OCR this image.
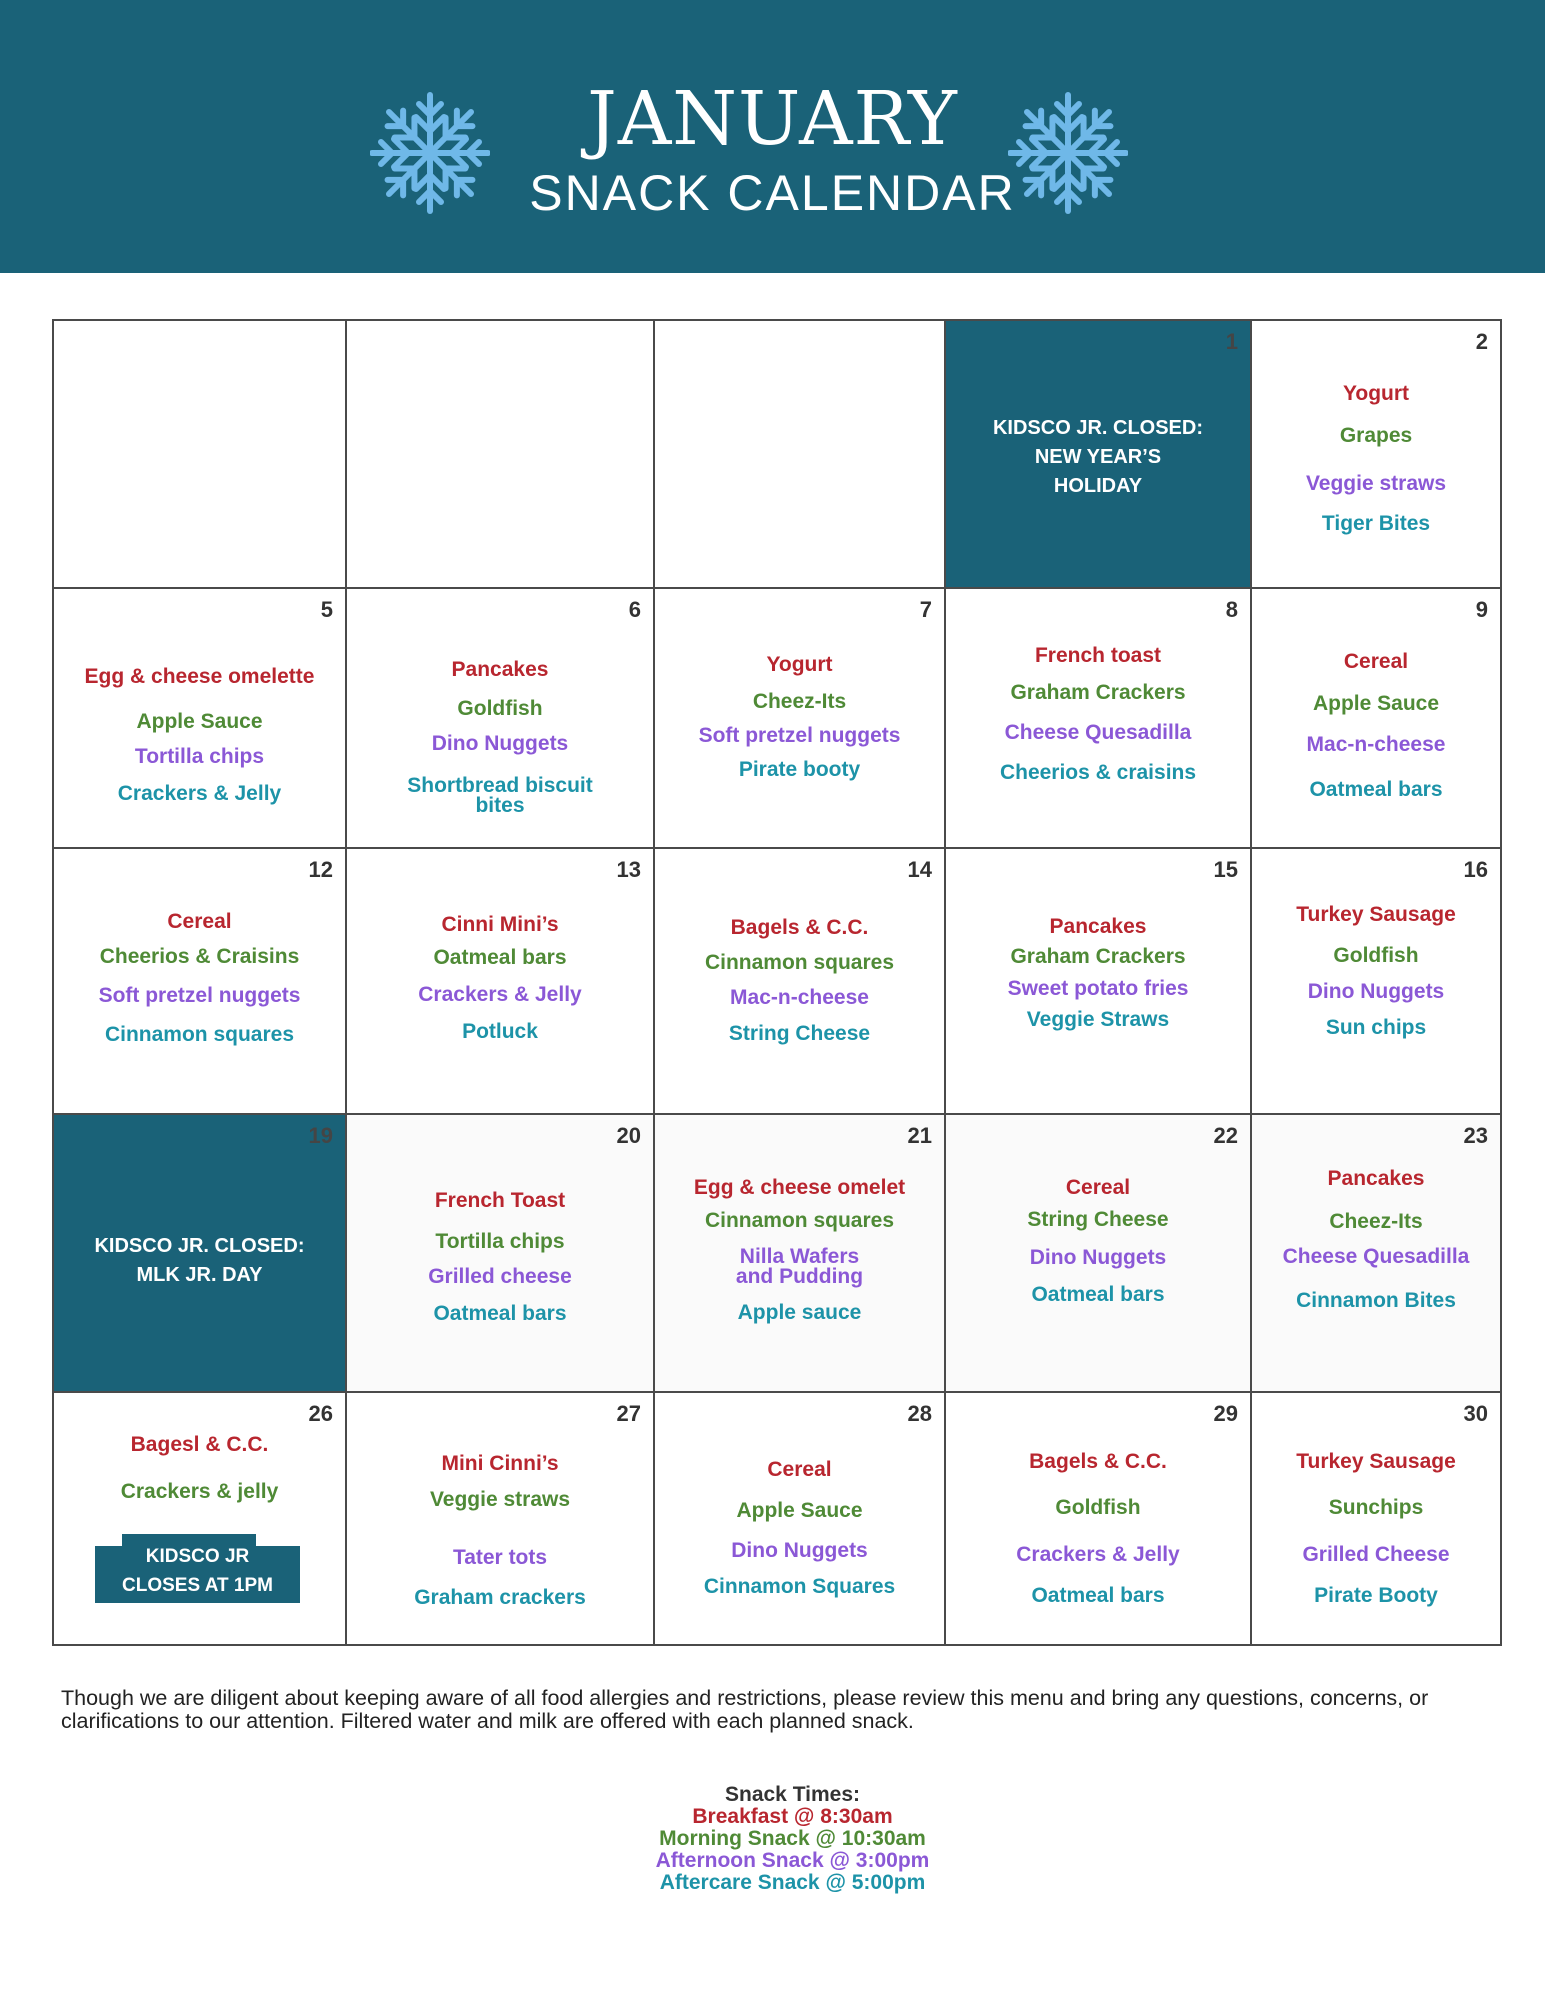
JANUARY
SNACK CALENDAR
1
KIDSCO JR. CLOSED:
NEW YEAR’S
HOLIDAY
2
Yogurt
Grapes
Veggie straws
Tiger Bites
5
Egg & cheese omelette
Apple Sauce
Tortilla chips
Crackers & Jelly
6
Pancakes
Goldfish
Dino Nuggets
Shortbread biscuit
bites
7
Yogurt
Cheez-Its
Soft pretzel nuggets
Pirate booty
8
French toast
Graham Crackers
Cheese Quesadilla
Cheerios & craisins
9
Cereal
Apple Sauce
Mac-n-cheese
Oatmeal bars
12
Cereal
Cheerios & Craisins
Soft pretzel nuggets
Cinnamon squares
13
Cinni Mini’s
Oatmeal bars
Crackers & Jelly
Potluck
14
Bagels & C.C.
Cinnamon squares
Mac-n-cheese
String Cheese
15
Pancakes
Graham Crackers
Sweet potato fries
Veggie Straws
16
Turkey Sausage
Goldfish
Dino Nuggets
Sun chips
19
KIDSCO JR. CLOSED:
MLK JR. DAY
20
French Toast
Tortilla chips
Grilled cheese
Oatmeal bars
21
Egg & cheese omelet
Cinnamon squares
Nilla Wafers
and Pudding
Apple sauce
22
Cereal
String Cheese
Dino Nuggets
Oatmeal bars
23
Pancakes
Cheez-Its
Cheese Quesadilla
Cinnamon Bites
26
Bagesl & C.C.
Crackers & jelly
KIDSCO JR
CLOSES AT 1PM
27
Mini Cinni’s
Veggie straws
Tater tots
Graham crackers
28
Cereal
Apple Sauce
Dino Nuggets
Cinnamon Squares
29
Bagels & C.C.
Goldfish
Crackers & Jelly
Oatmeal bars
30
Turkey Sausage
Sunchips
Grilled Cheese
Pirate Booty
Though we are diligent about keeping aware of all food allergies and restrictions, please review this menu and bring any questions, concerns, or clarifications to our attention. Filtered water and milk are offered with each planned snack.
Snack Times:
Breakfast @ 8:30am
Morning Snack @ 10:30am
Afternoon Snack @ 3:00pm
Aftercare Snack @ 5:00pm
